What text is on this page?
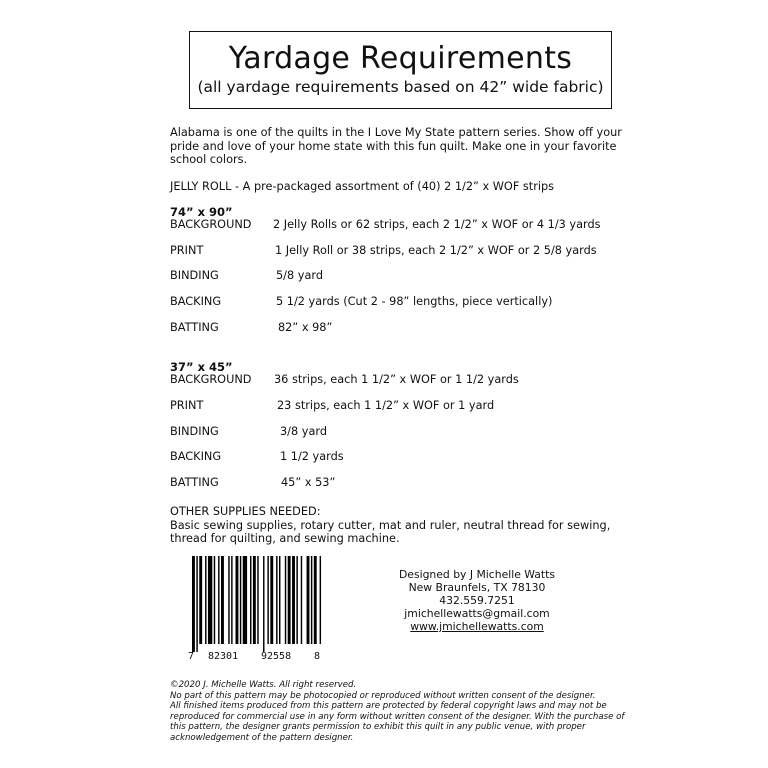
Yardage Requirements
(all yardage requirements based on 42” wide fabric)
Alabama is one of the quilts in the I Love My State pattern series. Show off your pride and love of your home state with this fun quilt. Make one in your favorite school colors.
JELLY ROLL - A pre-packaged assortment of (40) 2 1/2” x WOF strips
74” x 90”
BACKGROUND 2 Jelly Rolls or 62 strips, each 2 1/2” x WOF or 4 1/3 yards
PRINT	1 Jelly Roll or 38 strips, each 2 1/2” x WOF or 2 5/8 yards
BINDING	5/8 yard
BACKING	5 1/2 yards (Cut 2 - 98” lengths, piece vertically)
BATTING	82” x 98”
37” x 45”
BACKGROUND 36 strips, each 1 1/2” x WOF or 1 1/2 yards
PRINT	23 strips, each 1 1/2” x WOF or 1 yard
BINDING	3/8 yard
BACKING	1 1/2 yards
BATTING	45” x 53”
OTHER SUPPLIES NEEDED:
Basic sewing supplies, rotary cutter, mat and ruler, neutral thread for sewing, thread for quilting, and sewing machine.
7 82301 92558 8
Designed by J Michelle Watts
New Braunfels, TX 78130
432.559.7251
jmichellewatts@gmail.com
www.jmichellewatts.com

©2020 J. Michelle Watts. All right reserved.

No part of this pattern may be photocopied or reproduced without written consent of the designer.

All finished items produced from this pattern are protected by federal copyright laws and may not be reproduced for commercial use in any form without written consent of the designer. With the purchase of this pattern, the designer grants permission to exhibit this quilt in any public venue, with proper acknowledgement of the pattern designer.
